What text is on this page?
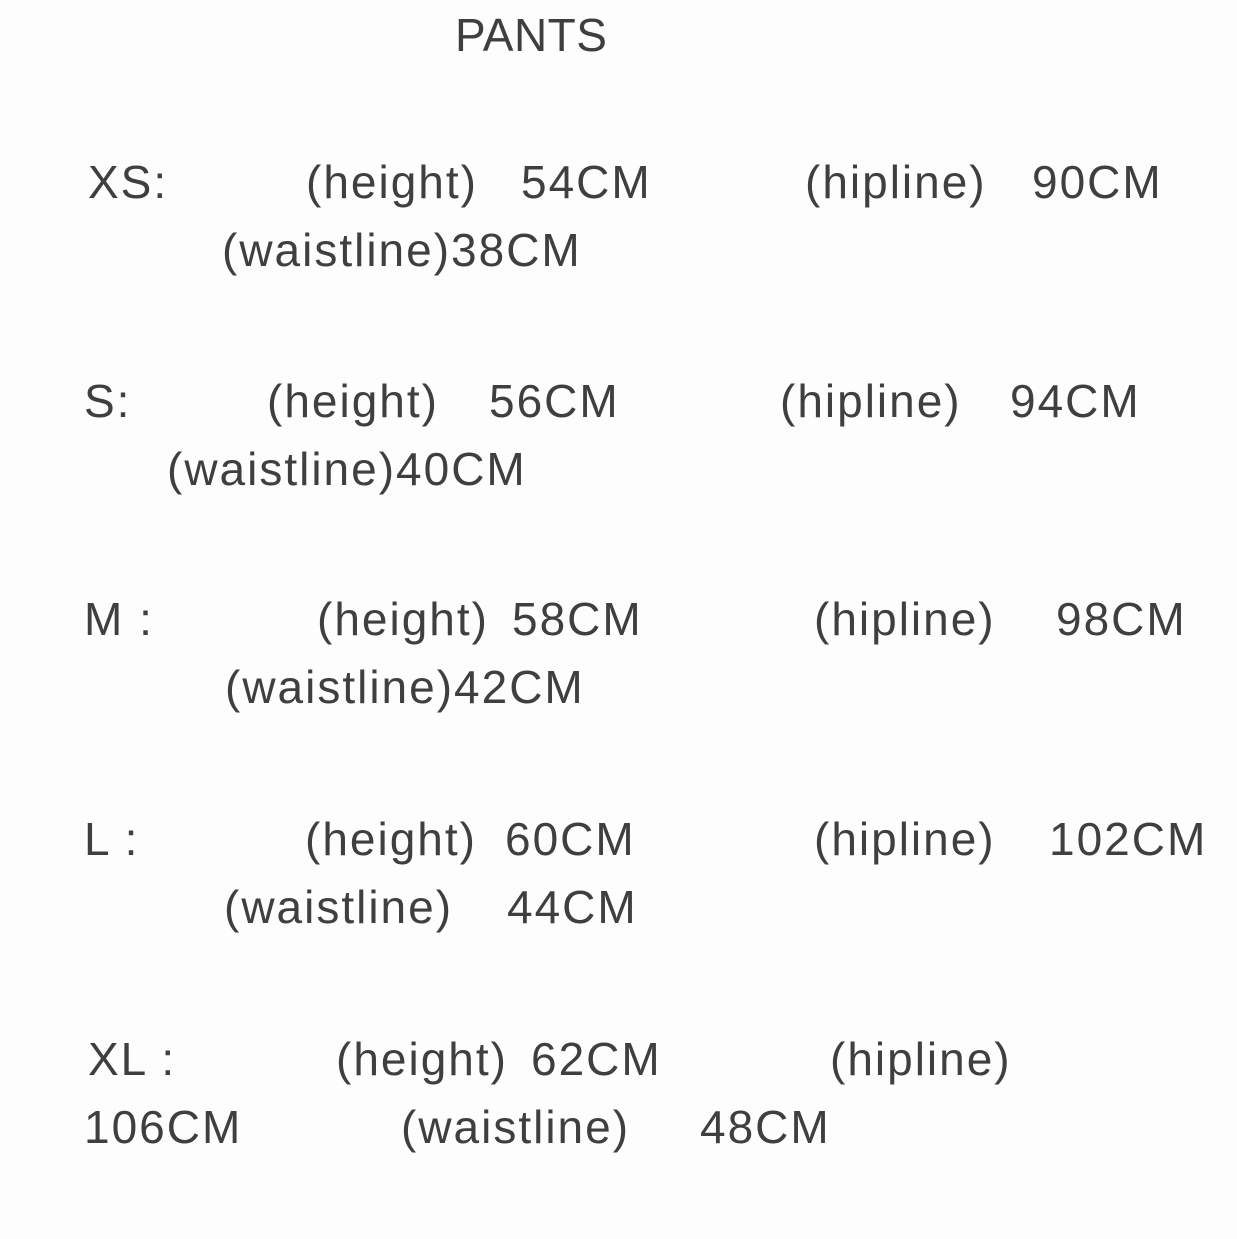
PANTS
XS:	(height) 54CM	(hipline) 90CM
(waistline)38CM
S:	(height) 56CM	(hipline) 94CM
(waistline)40CM
M :	(height) 58CM	(hipline) 98CM
(waistline)42CM
L :	(height) 60CM	(hipline) 102CM
(waistline) 44CM
XL :	(height) 62CM	(hipline)
106CM	(waistline) 48CM
